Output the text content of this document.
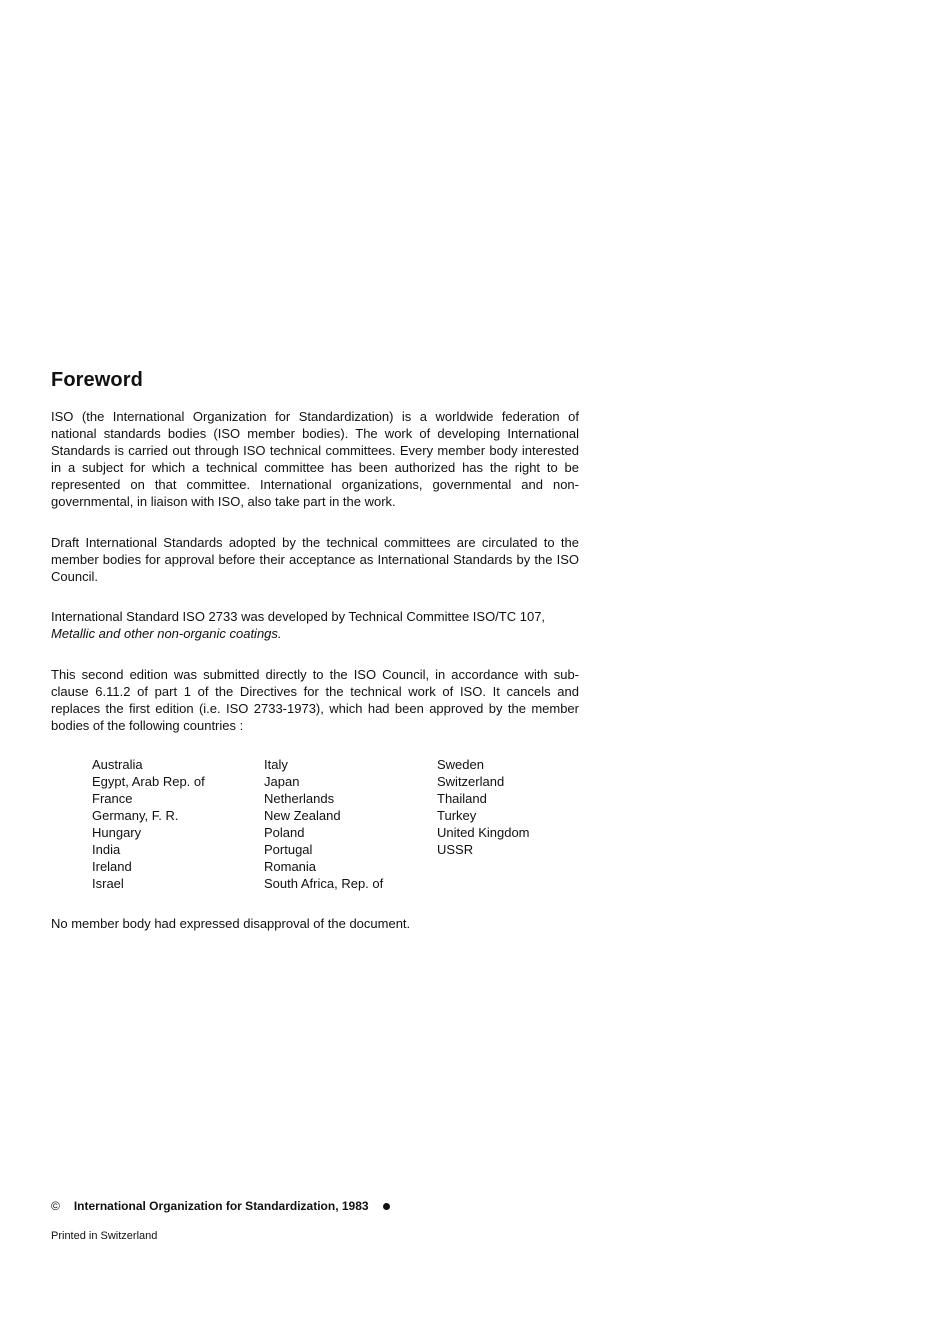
Foreword

ISO (the International Organization for Standardization) is a worldwide federation of national standards bodies (ISO member bodies). The work of developing International Standards is carried out through ISO technical committees. Every member body interested in a subject for which a technical committee has been authorized has the right to be represented on that committee. International organizations, governmental and non-governmental, in liaison with ISO, also take part in the work.

Draft International Standards adopted by the technical committees are circulated to the member bodies for approval before their acceptance as International Standards by the ISO Council.

International Standard ISO 2733 was developed by Technical Committee ISO/TC 107,
Metallic and other non-organic coatings.

This second edition was submitted directly to the ISO Council, in accordance with sub-clause 6.11.2 of part 1 of the Directives for the technical work of ISO. It cancels and replaces the first edition (i.e. ISO 2733-1973), which had been approved by the member bodies of the following countries :

Australia
Egypt, Arab Rep. of
France
Germany, F. R.
Hungary
India
Ireland
Israel
Italy
Japan
Netherlands
New Zealand
Poland
Portugal
Romania
South Africa, Rep. of
Sweden
Switzerland
Thailand
Turkey
United Kingdom
USSR

No member body had expressed disapproval of the document.

© International Organization for Standardization, 1983

Printed in Switzerland
